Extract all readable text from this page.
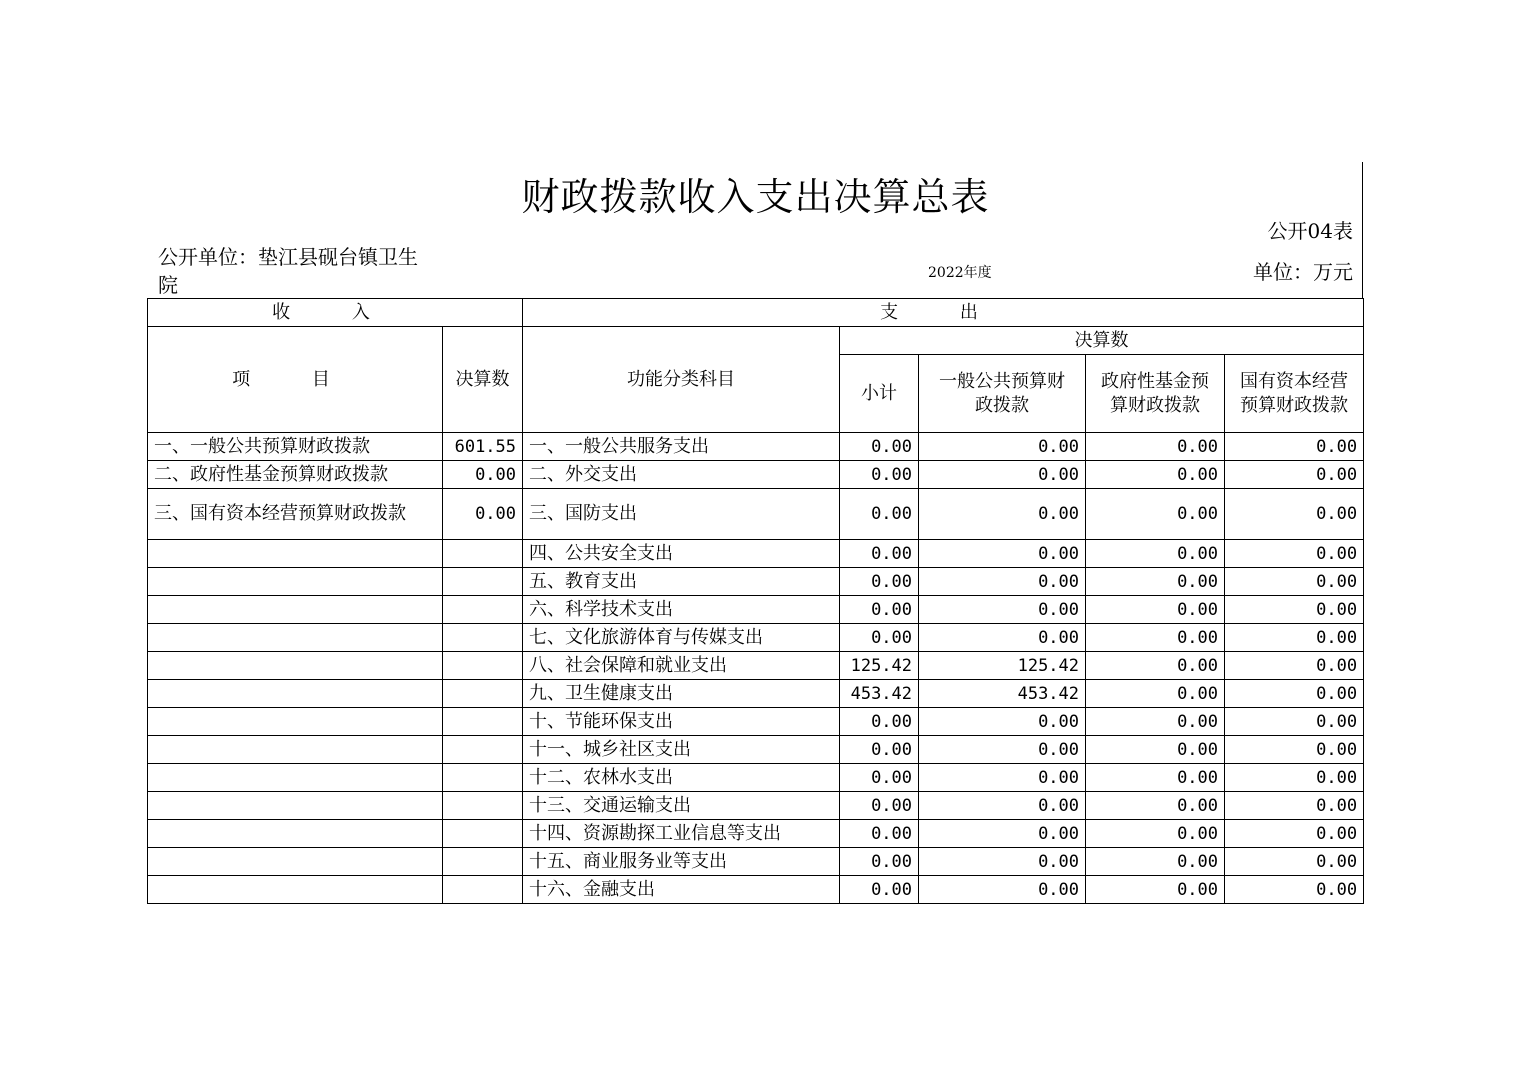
财政拨款收入支出决算总表
公开04表
公开单位：垫江县砚台镇卫生院	2022年度	单位：万元
收 入		支 出				
项 目	决算数	功能分类科目	决算数			
			小计	一般公共预算财政拨款	政府性基金预算财政拨款	国有资本经营预算财政拨款
一、一般公共预算财政拨款	601.55	一、一般公共服务支出	0.00	0.00	0.00	0.00
二、政府性基金预算财政拨款	0.00	二、外交支出	0.00	0.00	0.00	0.00
三、国有资本经营预算财政拨款	0.00	三、国防支出	0.00	0.00	0.00	0.00
		四、公共安全支出	0.00	0.00	0.00	0.00
		五、教育支出	0.00	0.00	0.00	0.00
		六、科学技术支出	0.00	0.00	0.00	0.00
		七、文化旅游体育与传媒支出	0.00	0.00	0.00	0.00
		八、社会保障和就业支出	125.42	125.42	0.00	0.00
		九、卫生健康支出	453.42	453.42	0.00	0.00
		十、节能环保支出	0.00	0.00	0.00	0.00
		十一、城乡社区支出	0.00	0.00	0.00	0.00
		十二、农林水支出	0.00	0.00	0.00	0.00
		十三、交通运输支出	0.00	0.00	0.00	0.00
		十四、资源勘探工业信息等支出	0.00	0.00	0.00	0.00
		十五、商业服务业等支出	0.00	0.00	0.00	0.00
		十六、金融支出	0.00	0.00	0.00	0.00
